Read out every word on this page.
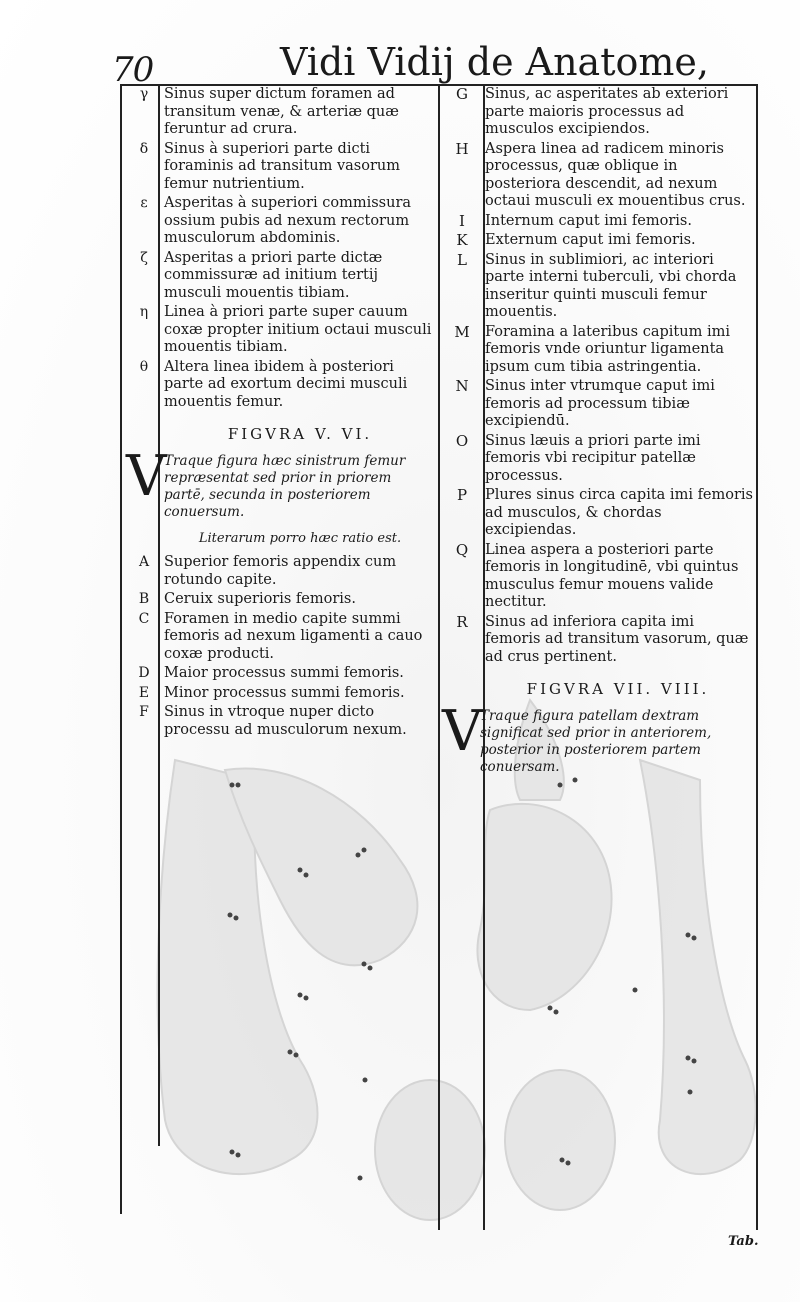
70	Vidi Vidij de Anatome,
γ	Sinus super dictum foramen ad transitum venæ, & arteriæ quæ feruntur ad crura.
δ	Sinus à superiori parte dicti foraminis ad transitum vasorum femur nutrientium.
ε	Asperitas à superiori commissura ossium pubis ad nexum rectorum musculorum abdominis.
ζ	Asperitas a priori parte dictæ commissuræ ad initium tertij musculi mouentis tibiam.
η	Linea à priori parte super cauum coxæ propter initium octaui musculi mouentis tibiam.
θ	Altera linea ibidem à posteriori parte ad exortum decimi musculi mouentis femur.
FIGVRA V. VI.
V
Traque figura hæc sinistrum femur repræsentat sed prior in priorem partē, secunda in posteriorem conuersum.
Literarum porro hæc ratio est.
A	Superior femoris appendix cum rotundo capite.
B	Ceruix superioris femoris.
C	Foramen in medio capite summi femoris ad nexum ligamenti a cauo coxæ producti.
D Maior processus summi femoris.
E	Minor processus summi femoris.
F	Sinus in vtroque nuper dicto processu ad musculorum nexum.
G	Sinus, ac asperitates ab exteriori parte maioris processus ad musculos excipiendos.
H	Aspera linea ad radicem minoris processus, quæ oblique in posteriora descendit, ad nexum octaui musculi ex mouentibus crus.
I	Internum caput imi femoris.
K	Externum caput imi femoris.
L	Sinus in sublimiori, ac interiori parte interni tuberculi, vbi chorda inseritur quinti musculi femur mouentis.
M	Foramina a lateribus capitum imi femoris vnde oriuntur ligamenta ipsum cum tibia astringentia.
N	Sinus inter vtrumque caput imi femoris ad processum tibiæ excipiendū.
O	Sinus læuis a priori parte imi femoris vbi recipitur patellæ processus.
P	Plures sinus circa capita imi femoris ad musculos, & chordas excipiendas.
Q	Linea aspera a posteriori parte femoris in longitudinē, vbi quintus musculus femur mouens valide nectitur.
R	Sinus ad inferiora capita imi femoris ad transitum vasorum, quæ ad crus pertinent.
FIGVRA VII. VIII.
V
Traque figura patellam dextram significat sed prior in anteriorem, posterior in posteriorem partem conuersam.
Tab.
